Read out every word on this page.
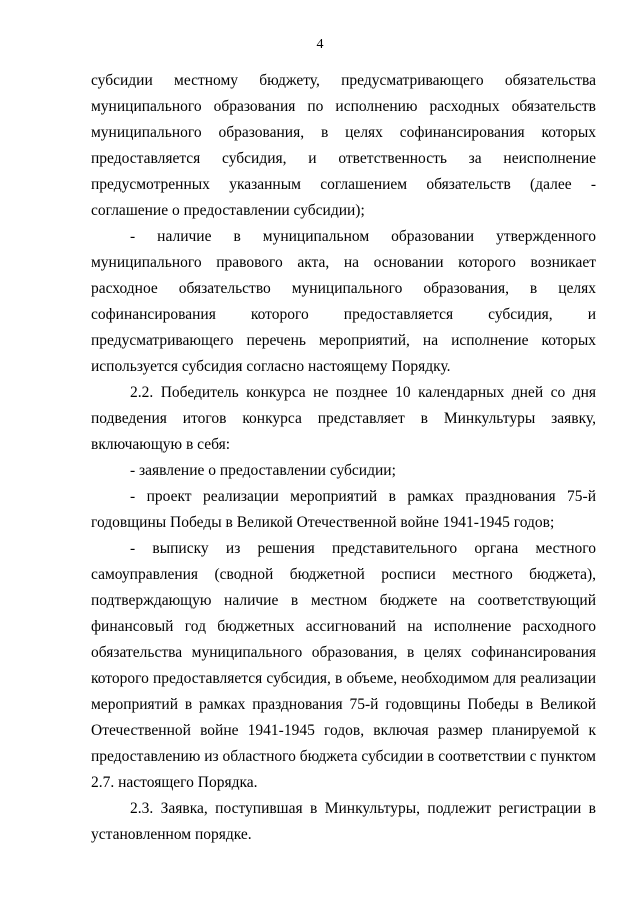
4

субсидии местному бюджету, предусматривающего обязательства муниципального образования по исполнению расходных обязательств муниципального образования, в целях софинансирования которых предоставляется субсидия, и ответственность за неисполнение предусмотренных указанным соглашением обязательств (далее - соглашение о предоставлении субсидии);

- наличие в муниципальном образовании утвержденного муниципального правового акта, на основании которого возникает расходное обязательство муниципального образования, в целях софинансирования которого предоставляется субсидия, и предусматривающего перечень мероприятий, на исполнение которых используется субсидия согласно настоящему Порядку.

2.2. Победитель конкурса не позднее 10 календарных дней со дня подведения итогов конкурса представляет в Минкультуры заявку, включающую в себя:

- заявление о предоставлении субсидии;

- проект реализации мероприятий в рамках празднования 75-й годовщины Победы в Великой Отечественной войне 1941-1945 годов;

- выписку из решения представительного органа местного самоуправления (сводной бюджетной росписи местного бюджета), подтверждающую наличие в местном бюджете на соответствующий финансовый год бюджетных ассигнований на исполнение расходного обязательства муниципального образования, в целях софинансирования которого предоставляется субсидия, в объеме, необходимом для реализации мероприятий в рамках празднования 75-й годовщины Победы в Великой Отечественной войне 1941-1945 годов, включая размер планируемой к предоставлению из областного бюджета субсидии в соответствии с пунктом 2.7. настоящего Порядка.

2.3. Заявка, поступившая в Минкультуры, подлежит регистрации в установленном порядке.
